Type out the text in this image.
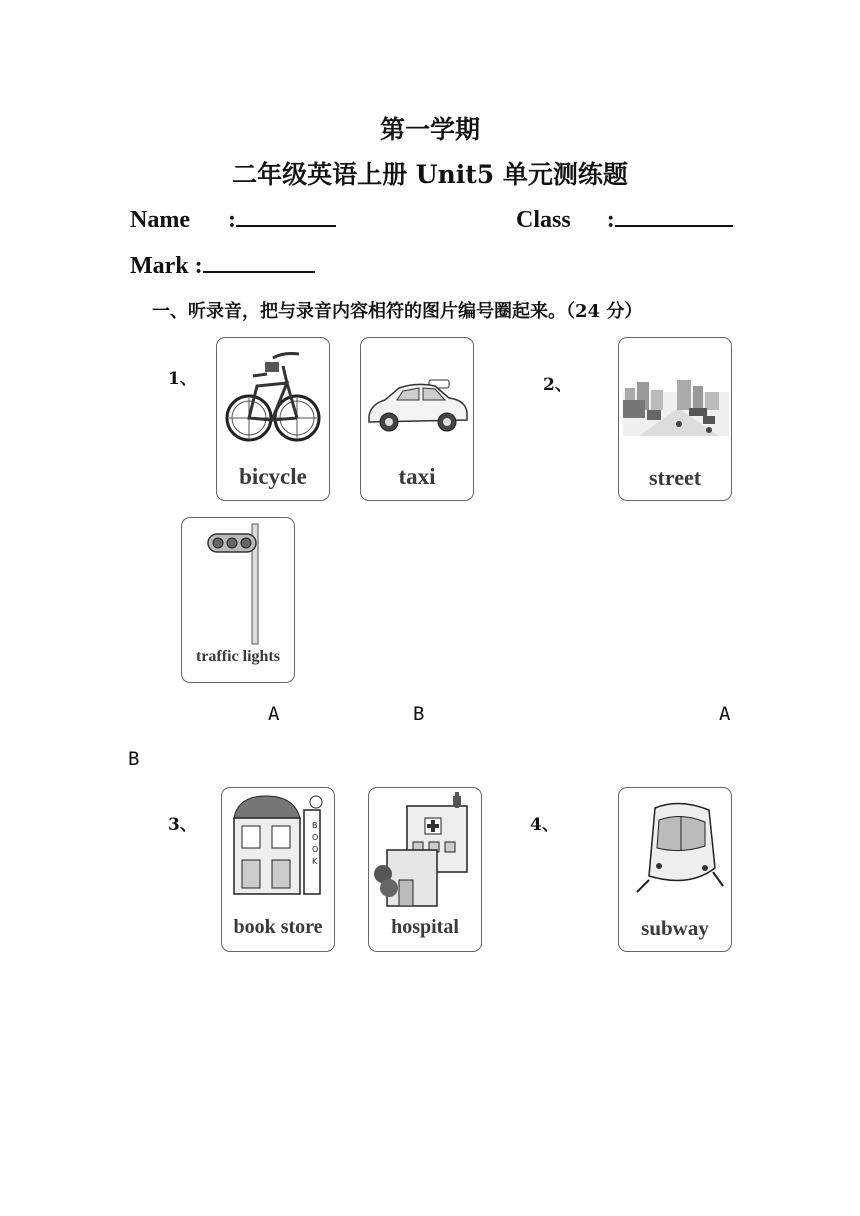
第一学期
二年级英语上册 Unit5 单元测练题
Name :	Class :
Mark :
一、听录音，把与录音内容相符的图片编号圈起来。（24 分）
1、	2、
3、	4、
bicycle	taxi	street
traffic lights
A	B	A
B
B
O
O
K
book store	hospital	subway
